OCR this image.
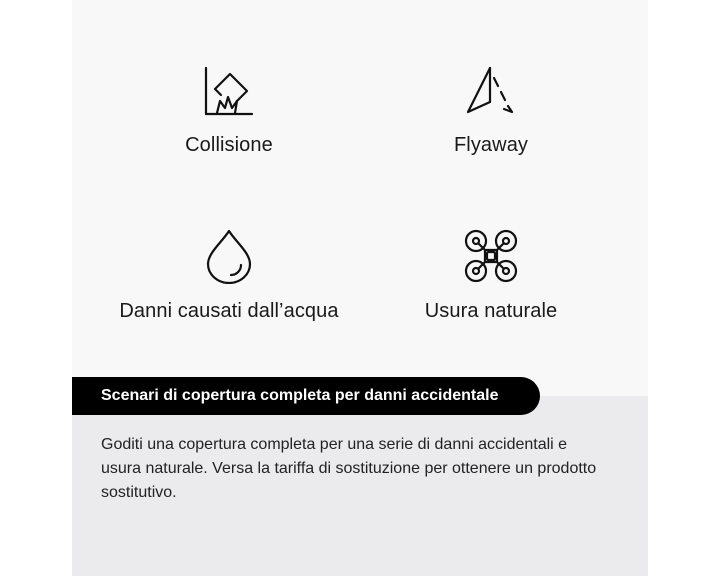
Collisione	Flyaway
Danni causati dall’acqua	Usura naturale
Scenari di copertura completa per danni accidentale
Goditi una copertura completa per una serie di danni accidentali e usura naturale. Versa la tariffa di sostituzione per ottenere un prodotto sostitutivo.
